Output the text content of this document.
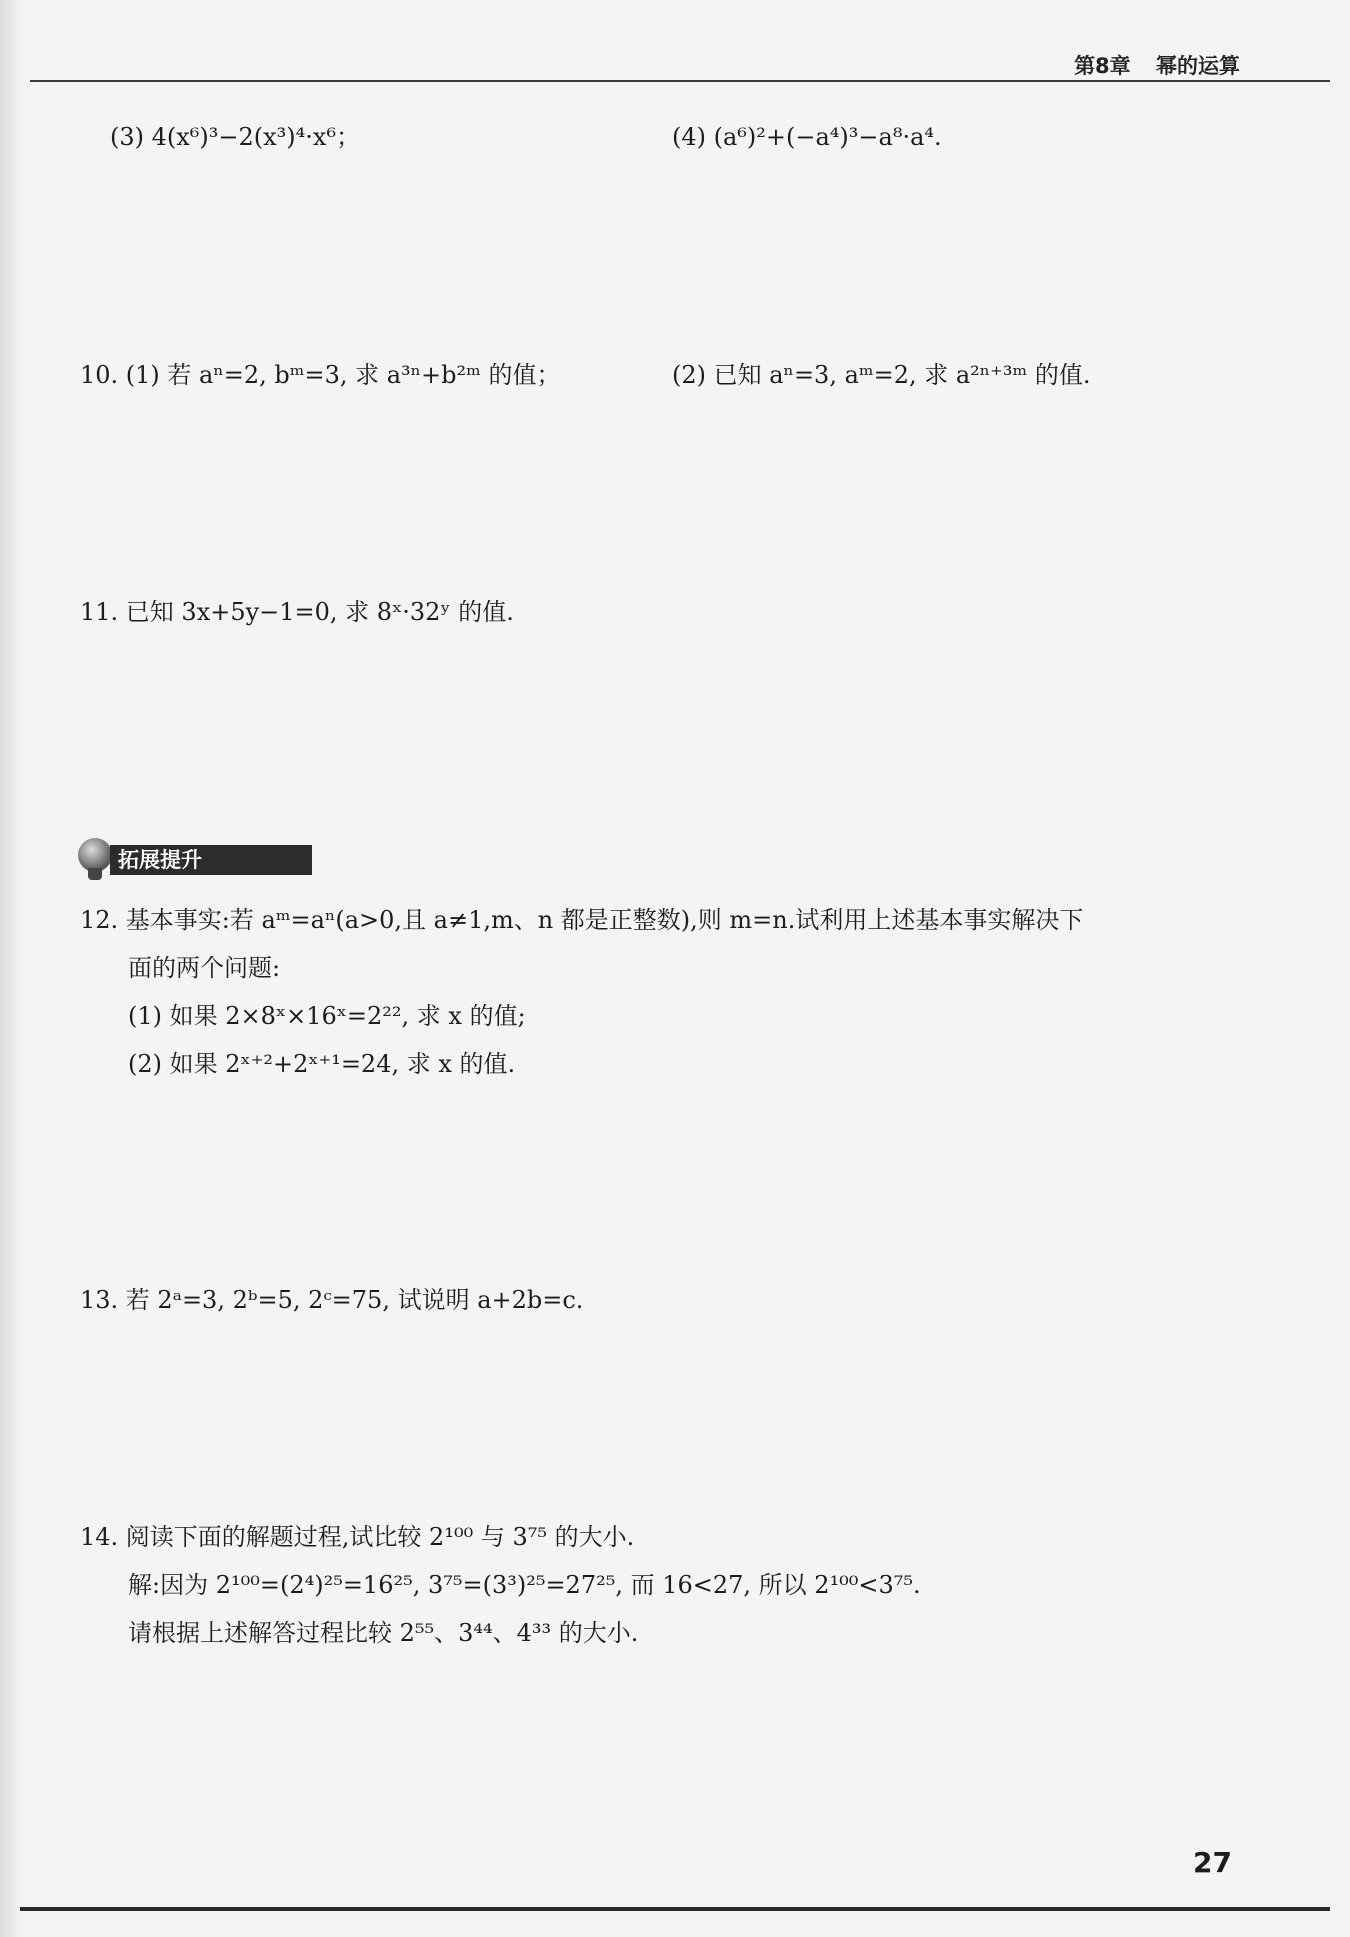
第8章 幂的运算
(3) 4(x⁶)³−2(x³)⁴·x⁶；	(4) (a⁶)²+(−a⁴)³−a⁸·a⁴.
10. (1) 若 aⁿ=2, bᵐ=3, 求 a³ⁿ+b²ᵐ 的值；	(2) 已知 aⁿ=3, aᵐ=2, 求 a²ⁿ⁺³ᵐ 的值.
11. 已知 3x+5y−1=0, 求 8ˣ·32ʸ 的值.
拓展提升
12. 基本事实:若 aᵐ=aⁿ(a>0,且 a≠1,m、n 都是正整数),则 m=n.试利用上述基本事实解决下
面的两个问题:
(1) 如果 2×8ˣ×16ˣ=2²², 求 x 的值;
(2) 如果 2ˣ⁺²+2ˣ⁺¹=24, 求 x 的值.
13. 若 2ᵃ=3, 2ᵇ=5, 2ᶜ=75, 试说明 a+2b=c.
14. 阅读下面的解题过程,试比较 2¹⁰⁰ 与 3⁷⁵ 的大小.
解:因为 2¹⁰⁰=(2⁴)²⁵=16²⁵, 3⁷⁵=(3³)²⁵=27²⁵, 而 16<27, 所以 2¹⁰⁰<3⁷⁵.
请根据上述解答过程比较 2⁵⁵、3⁴⁴、4³³ 的大小.
27
